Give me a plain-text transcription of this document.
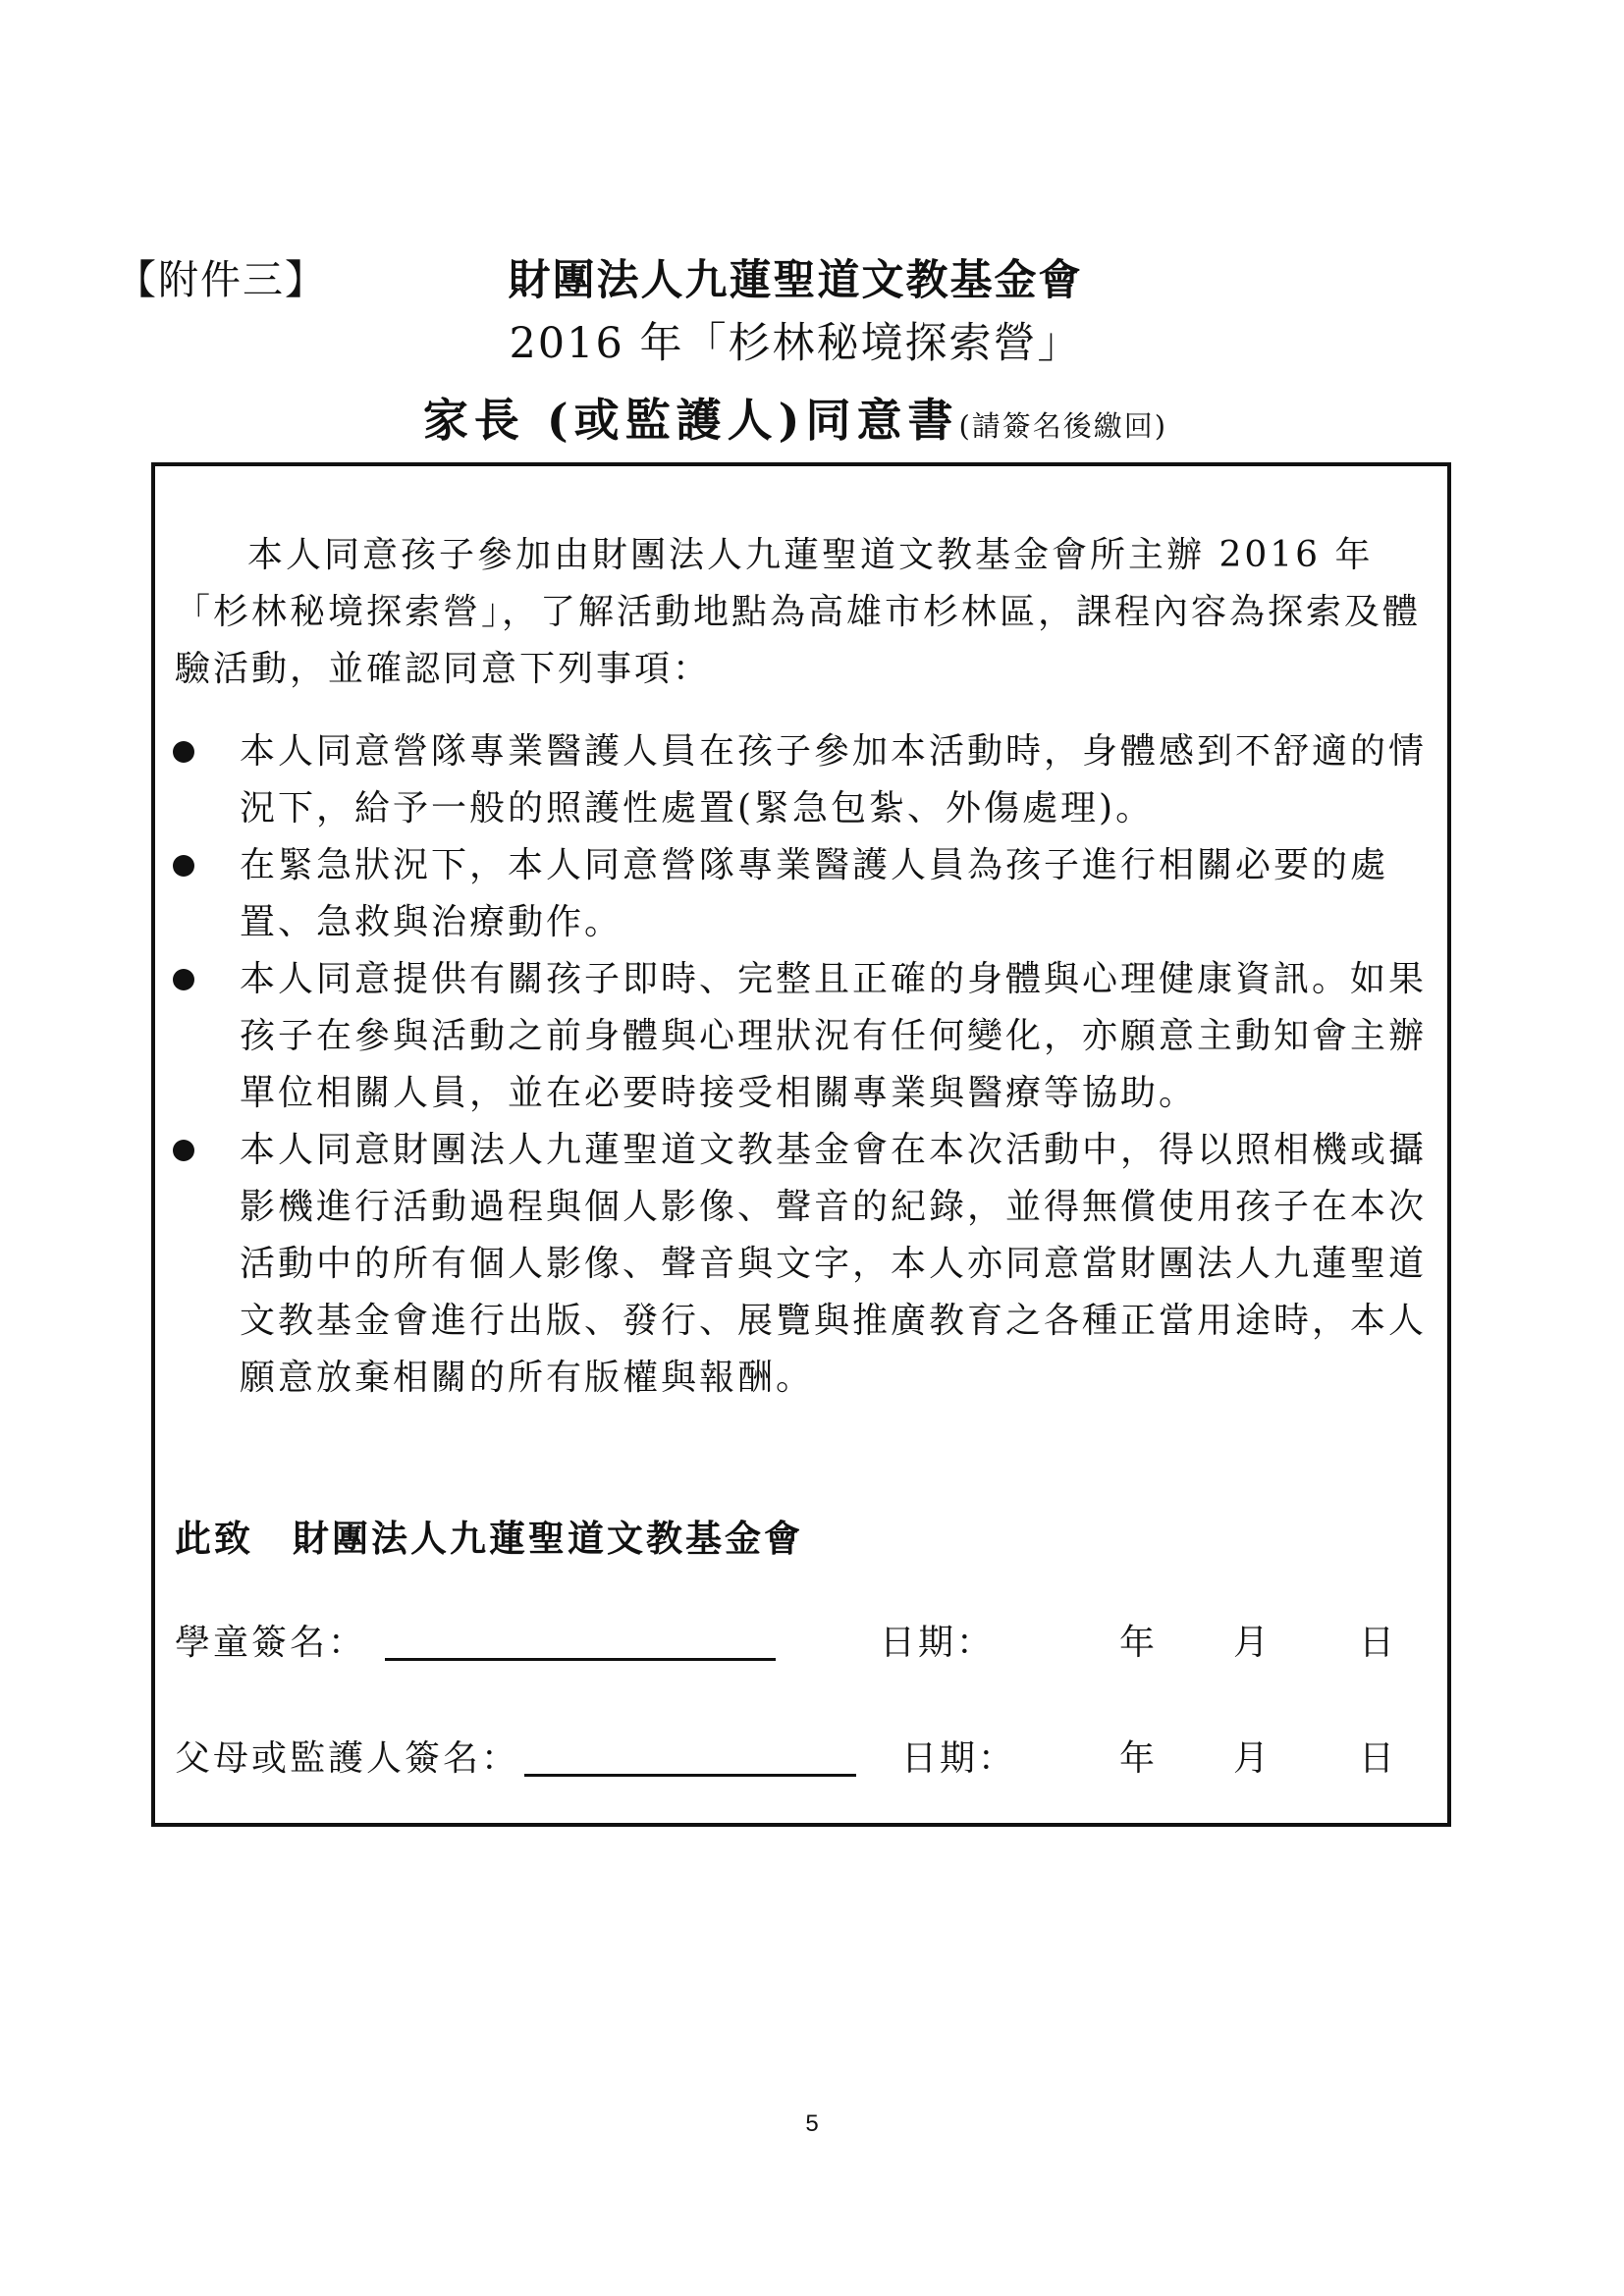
【附件三】	財團法人九蓮聖道文教基金會
2016 年「杉林秘境探索營」
家長 (或監護人)同意書(請簽名後繳回)

本人同意孩子參加由財團法人九蓮聖道文教基金會所主辦 2016 年「杉林秘境探索營」，了解活動地點為高雄市杉林區，課程內容為探索及體驗活動，並確認同意下列事項：

本人同意營隊專業醫護人員在孩子參加本活動時，身體感到不舒適的情況下，給予一般的照護性處置(緊急包紮、外傷處理)。
在緊急狀況下，本人同意營隊專業醫護人員為孩子進行相關必要的處置、急救與治療動作。
本人同意提供有關孩子即時、完整且正確的身體與心理健康資訊。如果孩子在參與活動之前身體與心理狀況有任何變化，亦願意主動知會主辦單位相關人員，並在必要時接受相關專業與醫療等協助。
本人同意財團法人九蓮聖道文教基金會在本次活動中，得以照相機或攝影機進行活動過程與個人影像、聲音的紀錄，並得無償使用孩子在本次活動中的所有個人影像、聲音與文字，本人亦同意當財團法人九蓮聖道文教基金會進行出版、發行、展覽與推廣教育之各種正當用途時，本人願意放棄相關的所有版權與報酬。
此致　財團法人九蓮聖道文教基金會
學童簽名：	日期：	年 月 日
父母或監護人簽名：	日期：	年 月 日
5
